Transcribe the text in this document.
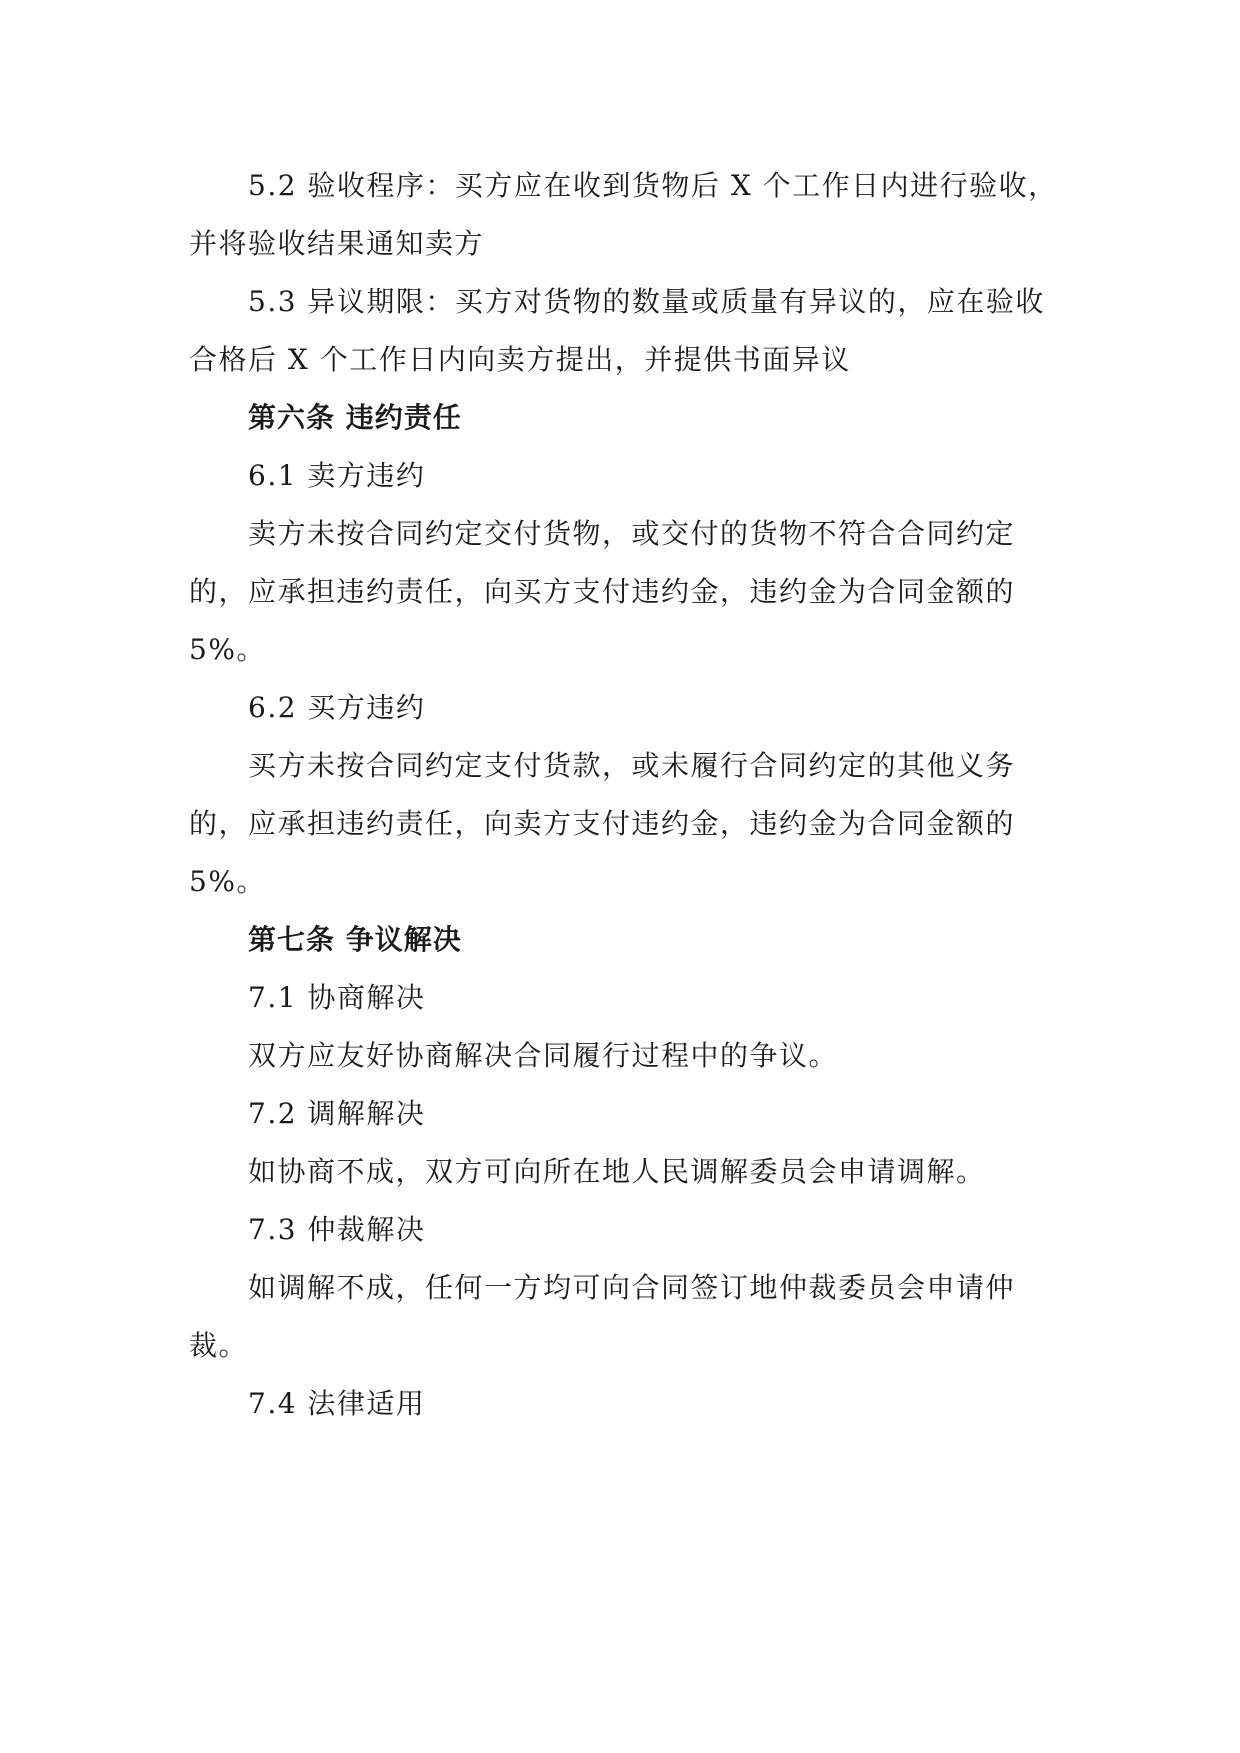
5.2 验收程序：买方应在收到货物后 X 个工作日内进行验收，

并将验收结果通知卖方

5.3 异议期限：买方对货物的数量或质量有异议的，应在验收

合格后 X 个工作日内向卖方提出，并提供书面异议

第六条 违约责任

6.1 卖方违约

卖方未按合同约定交付货物，或交付的货物不符合合同约定

的，应承担违约责任，向买方支付违约金，违约金为合同金额的

5%。

6.2 买方违约

买方未按合同约定支付货款，或未履行合同约定的其他义务

的，应承担违约责任，向卖方支付违约金，违约金为合同金额的

5%。

第七条 争议解决

7.1 协商解决

双方应友好协商解决合同履行过程中的争议。

7.2 调解解决

如协商不成，双方可向所在地人民调解委员会申请调解。

7.3 仲裁解决

如调解不成，任何一方均可向合同签订地仲裁委员会申请仲

裁。

7.4 法律适用
